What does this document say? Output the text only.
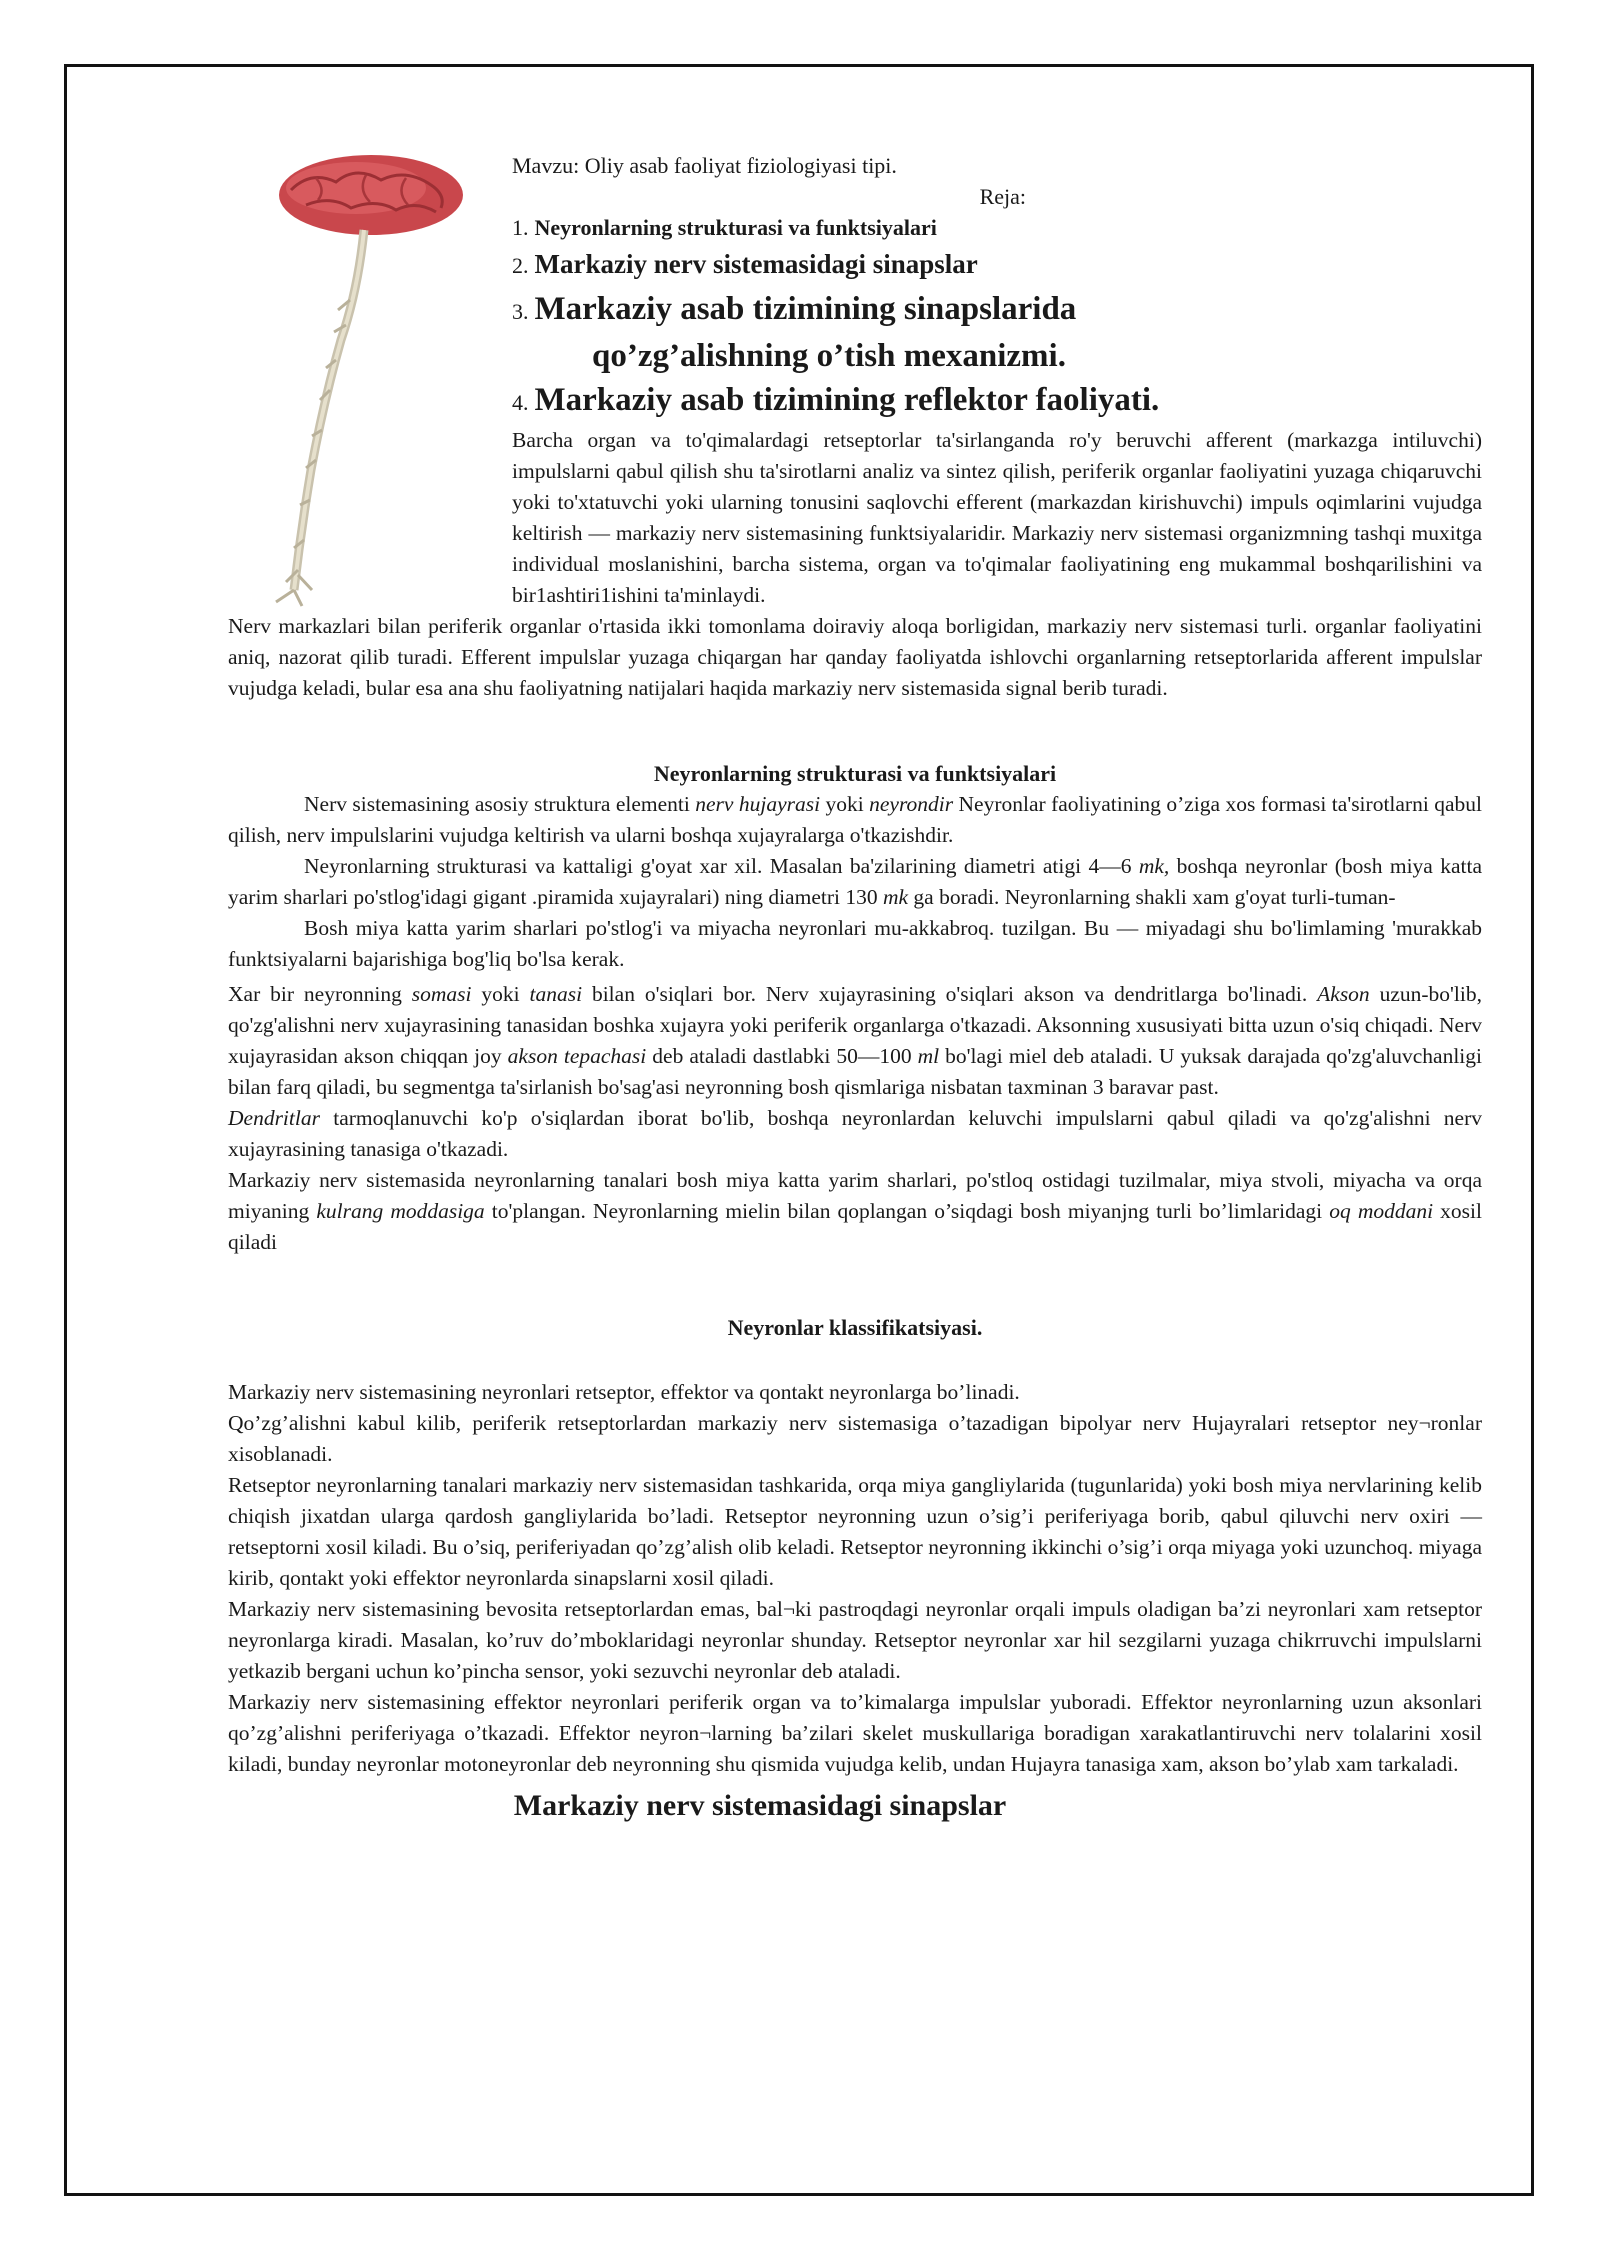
Mavzu: Oliy asab faoliyat fiziologiyasi tipi.
Reja:
1. Neyronlarning strukturasi va funktsiyalari
2. Markaziy nerv sistemasidagi sinapslar
3. Markaziy asab tizimining sinapslarida
qo’zg’alishning o’tish mexanizmi.
4. Markaziy asab tizimining reflektor faoliyati.

Barcha organ va to'qimalardagi retseptorlar ta'sirlanganda ro'y beruvchi afferent (markazga intiluvchi) impulslarni qabul qilish shu ta'sirotlarni analiz va sintez qilish, periferik organlar faoliyatini yuzaga chiqaruvchi yoki to'xtatuvchi yoki ularning tonusini saqlovchi efferent (markazdan kirishuvchi) impuls oqimlarini vujudga keltirish — markaziy nerv sistemasining funktsiyalaridir. Markaziy nerv sistemasi organizmning tashqi muxitga individual moslanishini, barcha sistema, organ va to'qimalar faoliyatining eng mukammal boshqarilishini va bir1ashtiri1ishini ta'minlaydi.

Nerv markazlari bilan periferik organlar o'rtasida ikki tomonlama doiraviy aloqa borligidan, markaziy nerv sistemasi turli. organlar faoliyatini aniq, nazorat qilib turadi. Efferent impulslar yuzaga chiqargan har qanday faoliyatda ishlovchi organlarning retseptorlarida afferent impulslar vujudga keladi, bular esa ana shu faoliyatning natijalari haqida markaziy nerv sistemasida signal berib turadi.

Neyronlarning strukturasi va funktsiyalari

Nerv sistemasining asosiy struktura elementi nerv hujayrasi yoki neyrondir Neyronlar faoliyatining o’ziga xos formasi ta'sirotlarni qabul qilish, nerv impulslarini vujudga keltirish va ularni boshqa xujayralarga o'tkazishdir.

Neyronlarning strukturasi va kattaligi g'oyat xar xil. Masalan ba'zilarining diametri atigi 4—6 mk, boshqa neyronlar (bosh miya katta yarim sharlari po'stlog'idagi gigant .piramida xujayralari) ning diametri 130 mk ga boradi. Neyronlarning shakli xam g'oyat turli-tuman-

Bosh miya katta yarim sharlari po'stlog'i va miyacha neyronlari mu-akkabroq. tuzilgan. Bu — miyadagi shu bo'limlaming 'murakkab funktsiyalarni bajarishiga bog'liq bo'lsa kerak.

Xar bir neyronning somasi yoki tanasi bilan o'siqlari bor. Nerv xujayrasining o'siqlari akson va dendritlarga bo'linadi. Akson uzun-bo'lib, qo'zg'alishni nerv xujayrasining tanasidan boshka xujayra yoki periferik organlarga o'tkazadi. Aksonning xususiyati bitta uzun o'siq chiqadi. Nerv xujayrasidan akson chiqqan joy akson tepachasi deb ataladi dastlabki 50—100 ml bo'lagi miel deb ataladi. U yuksak darajada qo'zg'aluvchanligi bilan farq qiladi, bu segmentga ta'sirlanish bo'sag'asi neyronning bosh qismlariga nisbatan taxminan 3 baravar past.

Dendritlar tarmoqlanuvchi ko'p o'siqlardan iborat bo'lib, boshqa neyronlardan keluvchi impulslarni qabul qiladi va qo'zg'alishni nerv xujayrasining tanasiga o'tkazadi.

Markaziy nerv sistemasida neyronlarning tanalari bosh miya katta yarim sharlari, po'stloq ostidagi tuzilmalar, miya stvoli, miyacha va orqa miyaning kulrang moddasiga to'plangan. Neyronlarning mielin bilan qoplangan o’siqdagi bosh miyanjng turli bo’limlaridagi oq moddani xosil qiladi

Neyronlar klassifikatsiyasi.

Markaziy nerv sistemasining neyronlari retseptor, effektor va qontakt neyronlarga bo’linadi.

Qo’zg’alishni kabul kilib, periferik retseptorlardan markaziy nerv sistemasiga o’tazadigan bipolyar nerv Hujayralari retseptor ney¬ronlar xisoblanadi.

Retseptor neyronlarning tanalari markaziy nerv sistemasidan tashkarida, orqa miya gangliylarida (tugunlarida) yoki bosh miya nervlarining kelib chiqish jixatdan ularga qardosh gangliylarida bo’ladi. Retseptor neyronning uzun o’sig’i periferiyaga borib, qabul qiluvchi nerv oxiri — retseptorni xosil kiladi. Bu o’siq, periferiyadan qo’zg’alish olib keladi. Retseptor neyronning ikkinchi o’sig’i orqa miyaga yoki uzunchoq. miyaga kirib, qontakt yoki effektor neyronlarda sinapslarni xosil qiladi.

Markaziy nerv sistemasining bevosita retseptorlardan emas, bal¬ki pastroqdagi neyronlar orqali impuls oladigan ba’zi neyronlari xam retseptor neyronlarga kiradi. Masalan, ko’ruv do’mboklaridagi neyronlar shunday. Retseptor neyronlar xar hil sezgilarni yuzaga chikrruvchi impulslarni yetkazib bergani uchun ko’pincha sensor, yoki sezuvchi neyronlar deb ataladi.

Markaziy nerv sistemasining effektor neyronlari periferik organ va to’kimalarga impulslar yuboradi. Effektor neyronlarning uzun aksonlari qo’zg’alishni periferiyaga o’tkazadi. Effektor neyron¬larning ba’zilari skelet muskullariga boradigan xarakatlantiruvchi nerv tolalarini xosil kiladi, bunday neyronlar motoneyronlar deb neyronning shu qismida vujudga kelib, undan Hujayra tanasiga xam, akson bo’ylab xam tarkaladi.

Markaziy nerv sistemasidagi sinapslar
